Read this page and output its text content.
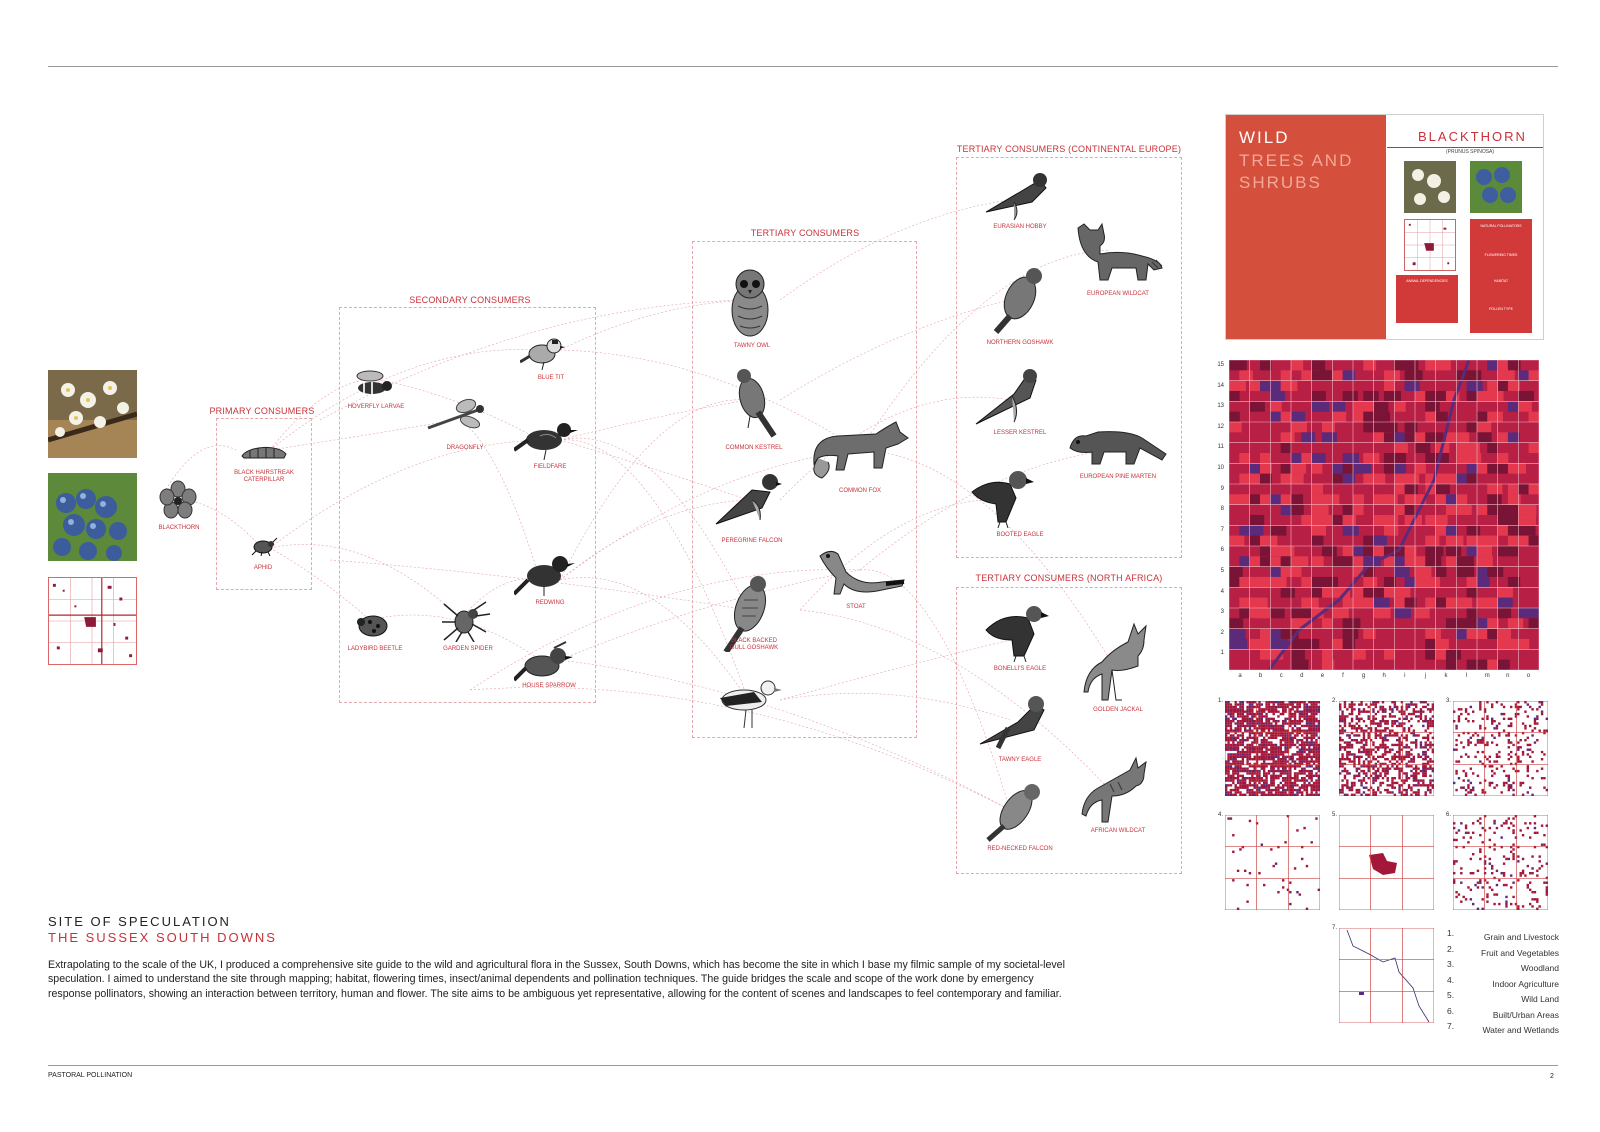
PRIMARY CONSUMERS
SECONDARY CONSUMERS
TERTIARY CONSUMERS
TERTIARY CONSUMERS (CONTINENTAL EUROPE)
TERTIARY CONSUMERS (NORTH AFRICA)
BLACKTHORN
BLACK HAIRSTREAK CATERPILLAR
APHID
HOVERFLY LARVAE
DRAGONFLY
LADYBIRD BEETLE	GARDEN SPIDER
BLUE TIT
FIELDFARE
REDWING
HOUSE SPARROW
TAWNY OWL
COMMON KESTREL
PEREGRINE FALCON
BLACK BACKED GULL GOSHAWK
COMMON FOX
STOAT
EURASIAN HOBBY
NORTHERN GOSHAWK
LESSER KESTREL
BOOTED EAGLE
EUROPEAN WILDCAT
EUROPEAN PINE MARTEN
BONELLI'S EAGLE
TAWNY EAGLE
RED-NECKED FALCON
GOLDEN JACKAL
AFRICAN WILDCAT
WILD
TREES AND SHRUBS
BLACKTHORN
(PRUNUS SPINOSA)
NATURAL POLLINATORS
FLOWERING TIMES
HABITAT
POLLEN TYPE
ANIMAL DEPENDENCIES
15
14
13
12
11
10
9
8
7
6
5
4
3
2
1
a	b	c	d	e	f	g	h	i	j	k	l	m	n	o
1.	2.	3.
4.	5.	6.
7.	1.	Grain and Livestock
2.	Fruit and Vegetables
3.	Woodland
4.	Indoor Agriculture
5.	Wild Land
6.	Built/Urban Areas
7.	Water and Wetlands
SITE OF SPECULATION
THE SUSSEX SOUTH DOWNS
Extrapolating to the scale of the UK, I produced a comprehensive site guide to the wild and agricultural flora in the Sussex, South Downs, which has become the site in which I base my filmic sample of my societal-level speculation. I aimed to understand the site through mapping; habitat, flowering times, insect/animal dependents and pollination techniques. The guide bridges the scale and scope of the work done by emergency response pollinators, showing an interaction between territory, human and flower. The site aims to be ambiguous yet representative, allowing for the content of scenes and landscapes to feel contemporary and familiar.
PASTORAL POLLINATION	2
